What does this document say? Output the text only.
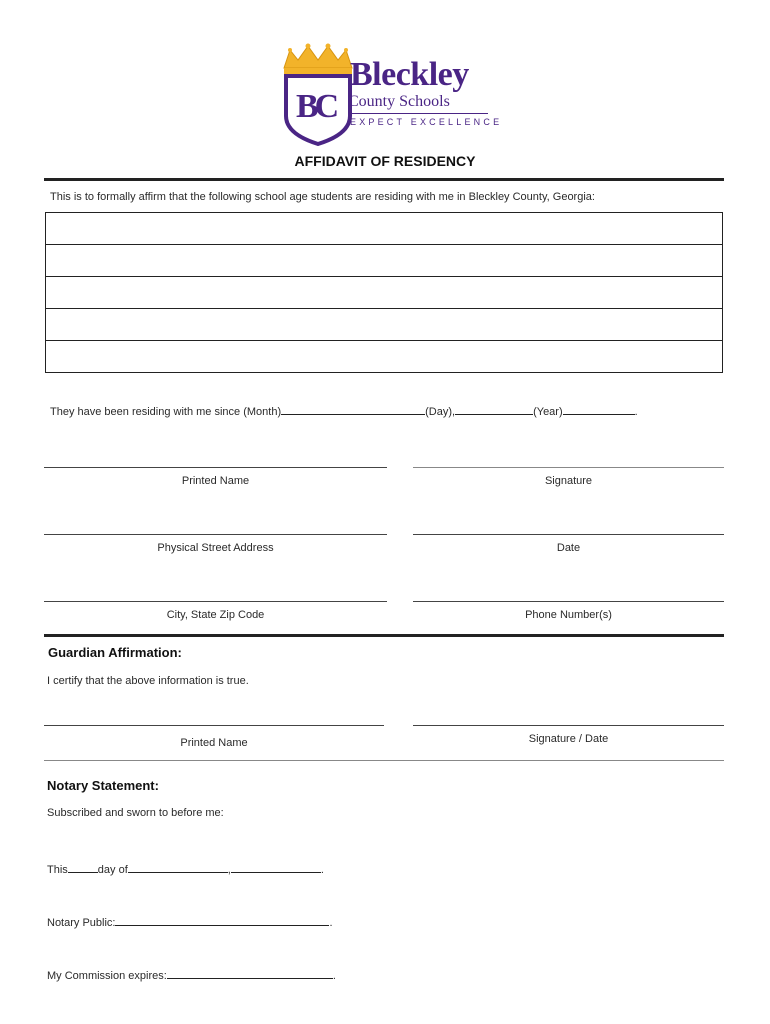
BC
Bleckley
County Schools
EXPECT EXCELLENCE
AFFIDAVIT OF RESIDENCY
This is to formally affirm that the following school age students are residing with me in Bleckley County, Georgia:

They have been residing with me since (Month)	(Day),	(Year)	.
Printed Name	Signature
Physical Street Address	Date
City, State Zip Code	Phone Number(s)
Guardian Affirmation:
I certify that the above information is true.
Printed Name	Signature / Date
Notary Statement:
Subscribed and sworn to before me:
This	day of	,	.
Notary Public:	.
My Commission expires:	.
